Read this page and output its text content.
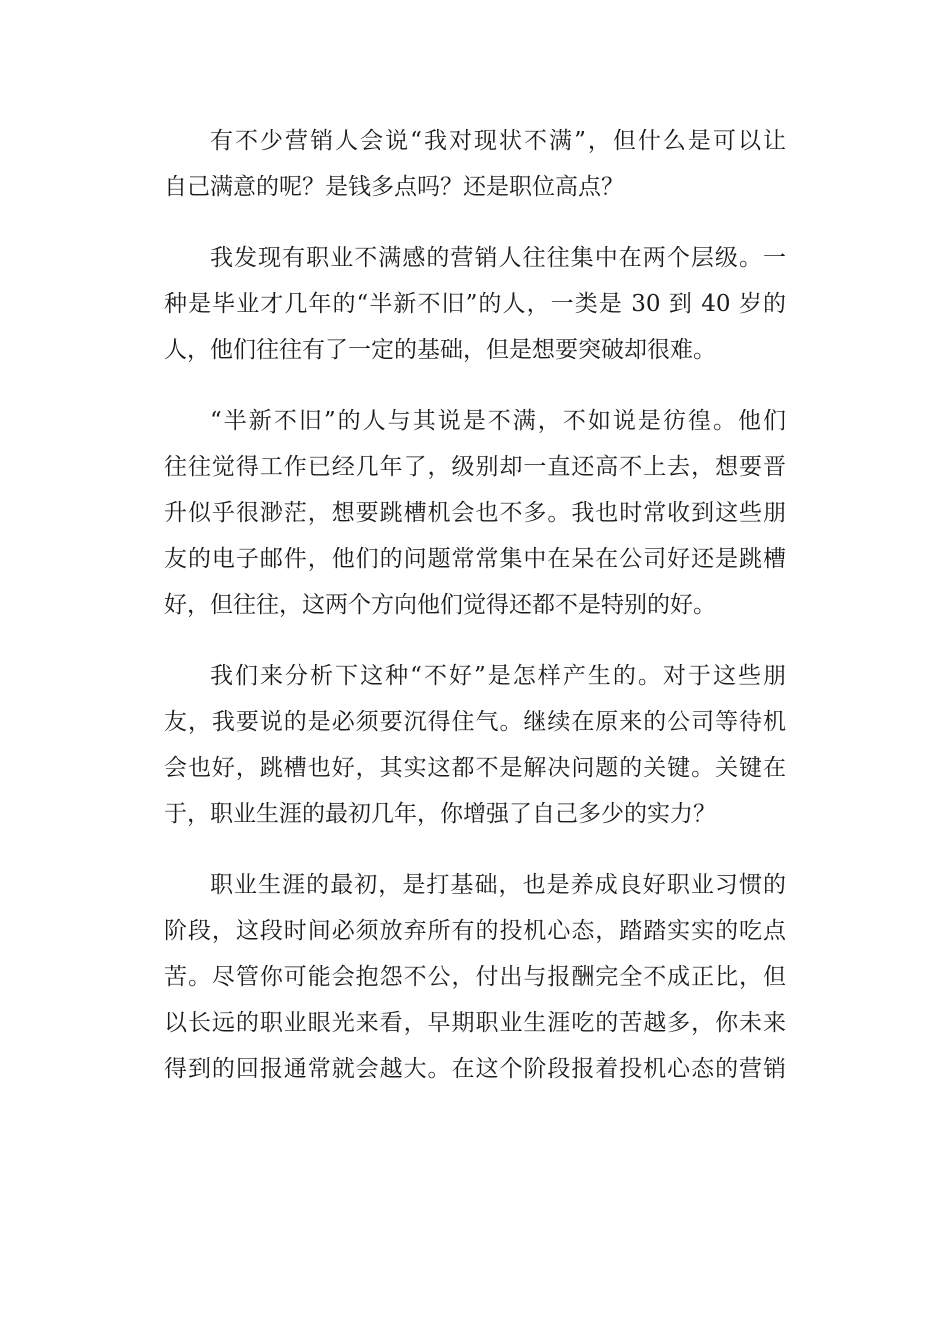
有不少营销人会说“我对现状不满”，但什么是可以让
自己满意的呢？是钱多点吗？还是职位高点？
我发现有职业不满感的营销人往往集中在两个层级。一
种是毕业才几年的“半新不旧”的人，一类是 30 到 40 岁的
人，他们往往有了一定的基础，但是想要突破却很难。
“半新不旧”的人与其说是不满，不如说是彷徨。他们
往往觉得工作已经几年了，级别却一直还高不上去，想要晋
升似乎很渺茫，想要跳槽机会也不多。我也时常收到这些朋
友的电子邮件，他们的问题常常集中在呆在公司好还是跳槽
好，但往往，这两个方向他们觉得还都不是特别的好。
我们来分析下这种“不好”是怎样产生的。对于这些朋
友，我要说的是必须要沉得住气。继续在原来的公司等待机
会也好，跳槽也好，其实这都不是解决问题的关键。关键在
于，职业生涯的最初几年，你增强了自己多少的实力？
职业生涯的最初，是打基础，也是养成良好职业习惯的
阶段，这段时间必须放弃所有的投机心态，踏踏实实的吃点
苦。尽管你可能会抱怨不公，付出与报酬完全不成正比，但
以长远的职业眼光来看，早期职业生涯吃的苦越多，你未来
得到的回报通常就会越大。在这个阶段报着投机心态的营销
